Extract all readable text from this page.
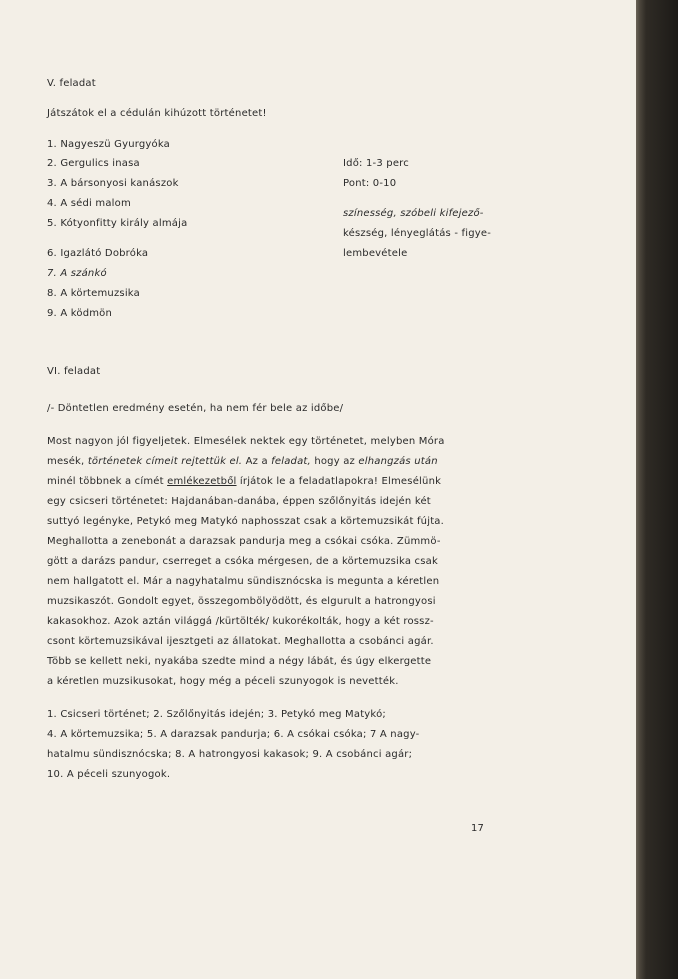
V. feladat
Játszátok el a cédulán kihúzott történetet!
1. Nagyeszü Gyurgyóka
2. Gergulics inasa
3. A bársonyosi kanászok
4. A sédi malom
5. Kótyonfitty király almája
6. Igazlátó Dobróka
7. A szánkó
8. A körtemuzsika
9. A ködmön
Idő: 1-3 perc
Pont: 0-10
színesség, szóbeli kifejező-
készség, lényeglátás - figye-
lembevétele
VI. feladat
/- Döntetlen eredmény esetén, ha nem fér bele az időbe/
Most nagyon jól figyeljetek. Elmesélek nektek egy történetet, melyben Móra
mesék, történetek címeit rejtettük el. Az a feladat, hogy az elhangzás után
minél többnek a címét emlékezetből írjátok le a feladatlapokra! Elmesélünk
egy csicseri történetet: Hajdanában-danába, éppen szőlőnyitás idején két
suttyó legényke, Petykó meg Matykó naphosszat csak a körtemuzsikát fújta.
Meghallotta a zenebonát a darazsak pandurja meg a csókai csóka. Zümmö-
gött a darázs pandur, cserreget a csóka mérgesen, de a körtemuzsika csak
nem hallgatott el. Már a nagyhatalmu sündisznócska is megunta a kéretlen
muzsikaszót. Gondolt egyet, összegombölyödött, és elgurult a hatrongyosi
kakasokhoz. Azok aztán világgá /kürtölték/ kukorékolták, hogy a két rossz-
csont körtemuzsikával ijesztgeti az állatokat. Meghallotta a csobánci agár.
Több se kellett neki, nyakába szedte mind a négy lábát, és úgy elkergette
a kéretlen muzsikusokat, hogy még a péceli szunyogok is nevették.
1. Csicseri történet; 2. Szőlőnyitás idején; 3. Petykó meg Matykó;
4. A körtemuzsika; 5. A darazsak pandurja; 6. A csókai csóka; 7 A nagy-
hatalmu sündisznócska; 8. A hatrongyosi kakasok; 9. A csobánci agár;
10. A péceli szunyogok.
17
